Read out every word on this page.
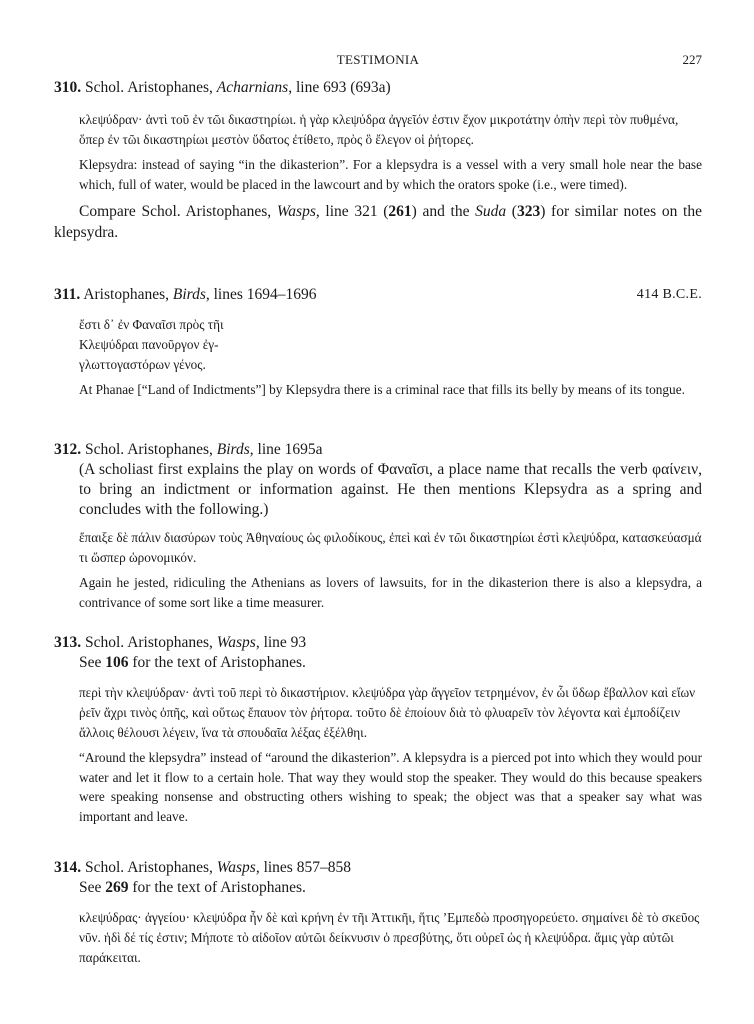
TESTIMONIA	227
310. Schol. Aristophanes, Acharnians, line 693 (693a)

κλεψύδραν· ἀντὶ τοῦ ἐν τῶι δικαστηρίωι. ἡ γὰρ κλεψύδρα ἀγγεῖόν ἐστιν ἔχον μικροτάτην ὀπὴν περὶ τὸν πυθμένα, ὅπερ ἐν τῶι δικαστηρίωι μεστὸν ὕδατος ἐτίθετο, πρὸς ὃ ἔλεγον οἱ ῥήτορες.

Klepsydra: instead of saying “in the dikasterion”. For a klepsydra is a vessel with a very small hole near the base which, full of water, would be placed in the lawcourt and by which the orators spoke (i.e., were timed).

Compare Schol. Aristophanes, Wasps, line 321 (261) and the Suda (323) for similar notes on the klepsydra.

311. Aristophanes, Birds, lines 1694–1696	414 B.C.E.

ἔστι δ᾽ ἐν Φαναῖσι πρὸς τῆι
Κλεψύδραι πανοῦργον ἐγ-
γλωττογαστόρων γένος.

At Phanae [“Land of Indictments”] by Klepsydra there is a criminal race that fills its belly by means of its tongue.

312. Schol. Aristophanes, Birds, line 1695a

(A scholiast first explains the play on words of Φαναῖσι, a place name that recalls the verb φαίνειν, to bring an indictment or information against. He then mentions Klepsydra as a spring and concludes with the following.)

ἔπαιξε δὲ πάλιν διασύρων τοὺς Ἀθηναίους ὡς φιλοδίκους, ἐπεὶ καὶ ἐν τῶι δικαστηρίωι ἐστὶ κλεψύδρα, κατασκεύασμά τι ὥσπερ ὡρονομικόν.

Again he jested, ridiculing the Athenians as lovers of lawsuits, for in the dikasterion there is also a klepsydra, a contrivance of some sort like a time measurer.

313. Schol. Aristophanes, Wasps, line 93

See 106 for the text of Aristophanes.

περὶ τὴν κλεψύδραν· ἀντὶ τοῦ περὶ τὸ δικαστήριον. κλεψύδρα γὰρ ἄγγεῖον τετρημένον, ἐν ὧι ὕδωρ ἔβαλλον καὶ εἴων ῥεῖν ἄχρι τινὸς ὀπῆς, καὶ οὕτως ἔπαυον τὸν ῥήτορα. τοῦτο δὲ ἐποίουν διὰ τὸ φλυαρεῖν τὸν λέγοντα καὶ ἐμποδίζειν ἄλλοις θέλουσι λέγειν, ἵνα τὰ σπουδαῖα λέξας ἐξέλθηι.

“Around the klepsydra” instead of “around the dikasterion”. A klepsydra is a pierced pot into which they would pour water and let it flow to a certain hole. That way they would stop the speaker. They would do this because speakers were speaking nonsense and obstructing others wishing to speak; the object was that a speaker say what was important and leave.

314. Schol. Aristophanes, Wasps, lines 857–858

See 269 for the text of Aristophanes.

κλεψύδρας· ἀγγείου· κλεψύδρα ἦν δὲ καὶ κρήνη ἐν τῆι Ἀττικῆι, ἥτις ’Εμπεδὼ προσηγορεύετο. σημαίνει δὲ τὸ σκεῦος νῦν. ἠδὶ δέ τίς ἐστιν; Μήποτε τὸ αἰδοῖον αὐτῶι δείκνυσιν ὁ πρεσβύτης, ὅτι οὐρεῖ ὡς ἡ κλεψύδρα. ἅμις γὰρ αὐτῶι παράκειται.
